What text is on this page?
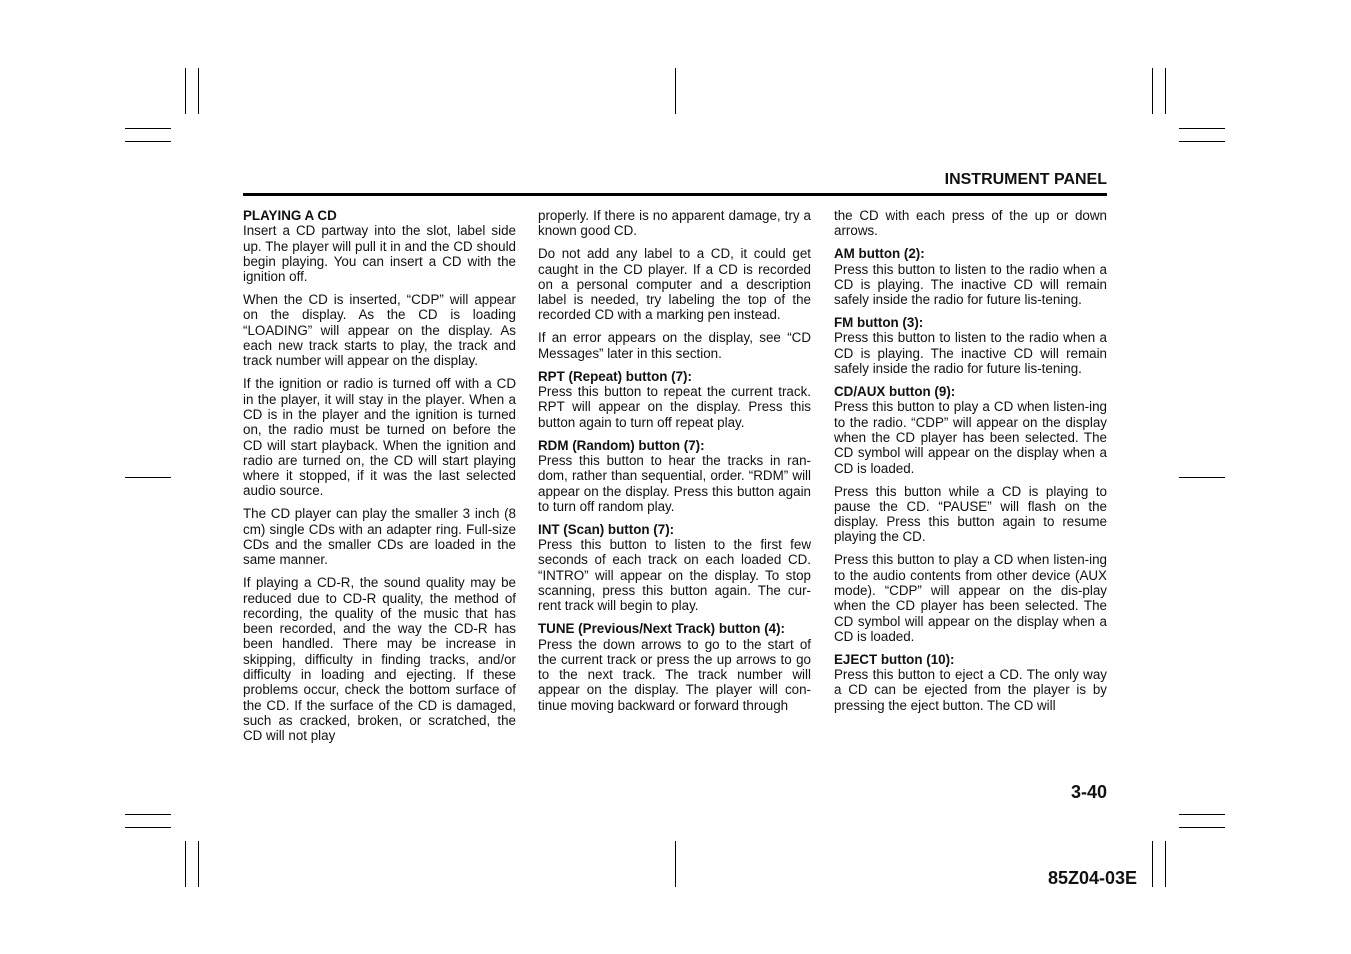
INSTRUMENT PANEL
PLAYING A CD

Insert a CD partway into the slot, label side up. The player will pull it in and the CD should begin playing. You can insert a CD with the ignition off.

When the CD is inserted, “CDP” will appear on the display. As the CD is loading “LOADING” will appear on the display. As each new track starts to play, the track and track number will appear on the display.

If the ignition or radio is turned off with a CD in the player, it will stay in the player. When a CD is in the player and the ignition is turned on, the radio must be turned on before the CD will start playback. When the ignition and radio are turned on, the CD will start playing where it stopped, if it was the last selected audio source.

The CD player can play the smaller 3 inch (8 cm) single CDs with an adapter ring. Full-size CDs and the smaller CDs are loaded in the same manner.

If playing a CD-R, the sound quality may be reduced due to CD-R quality, the method of recording, the quality of the music that has been recorded, and the way the CD-R has been handled. There may be increase in skipping, difficulty in finding tracks, and/or difficulty in loading and ejecting. If these problems occur, check the bottom surface of the CD. If the surface of the CD is damaged, such as cracked, broken, or scratched, the CD will not play

properly. If there is no apparent damage, try a known good CD.

Do not add any label to a CD, it could get caught in the CD player. If a CD is recorded on a personal computer and a description label is needed, try labeling the top of the recorded CD with a marking pen instead.

If an error appears on the display, see “CD Messages” later in this section.

RPT (Repeat) button (7):

Press this button to repeat the current track. RPT will appear on the display. Press this button again to turn off repeat play.

RDM (Random) button (7):

Press this button to hear the tracks in ran-dom, rather than sequential, order. “RDM” will appear on the display. Press this button again to turn off random play.

INT (Scan) button (7):

Press this button to listen to the first few seconds of each track on each loaded CD. “INTRO” will appear on the display. To stop scanning, press this button again. The cur-rent track will begin to play.

TUNE (Previous/Next Track) button (4):

Press the down arrows to go to the start of the current track or press the up arrows to go to the next track. The track number will appear on the display. The player will con-tinue moving backward or forward through

the CD with each press of the up or down arrows.

AM button (2):

Press this button to listen to the radio when a CD is playing. The inactive CD will remain safely inside the radio for future lis-tening.

FM button (3):

Press this button to listen to the radio when a CD is playing. The inactive CD will remain safely inside the radio for future lis-tening.

CD/AUX button (9):

Press this button to play a CD when listen-ing to the radio. “CDP” will appear on the display when the CD player has been selected. The CD symbol will appear on the display when a CD is loaded.

Press this button while a CD is playing to pause the CD. “PAUSE” will flash on the display. Press this button again to resume playing the CD.

Press this button to play a CD when listen-ing to the audio contents from other device (AUX mode). “CDP” will appear on the dis-play when the CD player has been selected. The CD symbol will appear on the display when a CD is loaded.

EJECT button (10):

Press this button to eject a CD. The only way a CD can be ejected from the player is by pressing the eject button. The CD will

3-40
85Z04-03E
